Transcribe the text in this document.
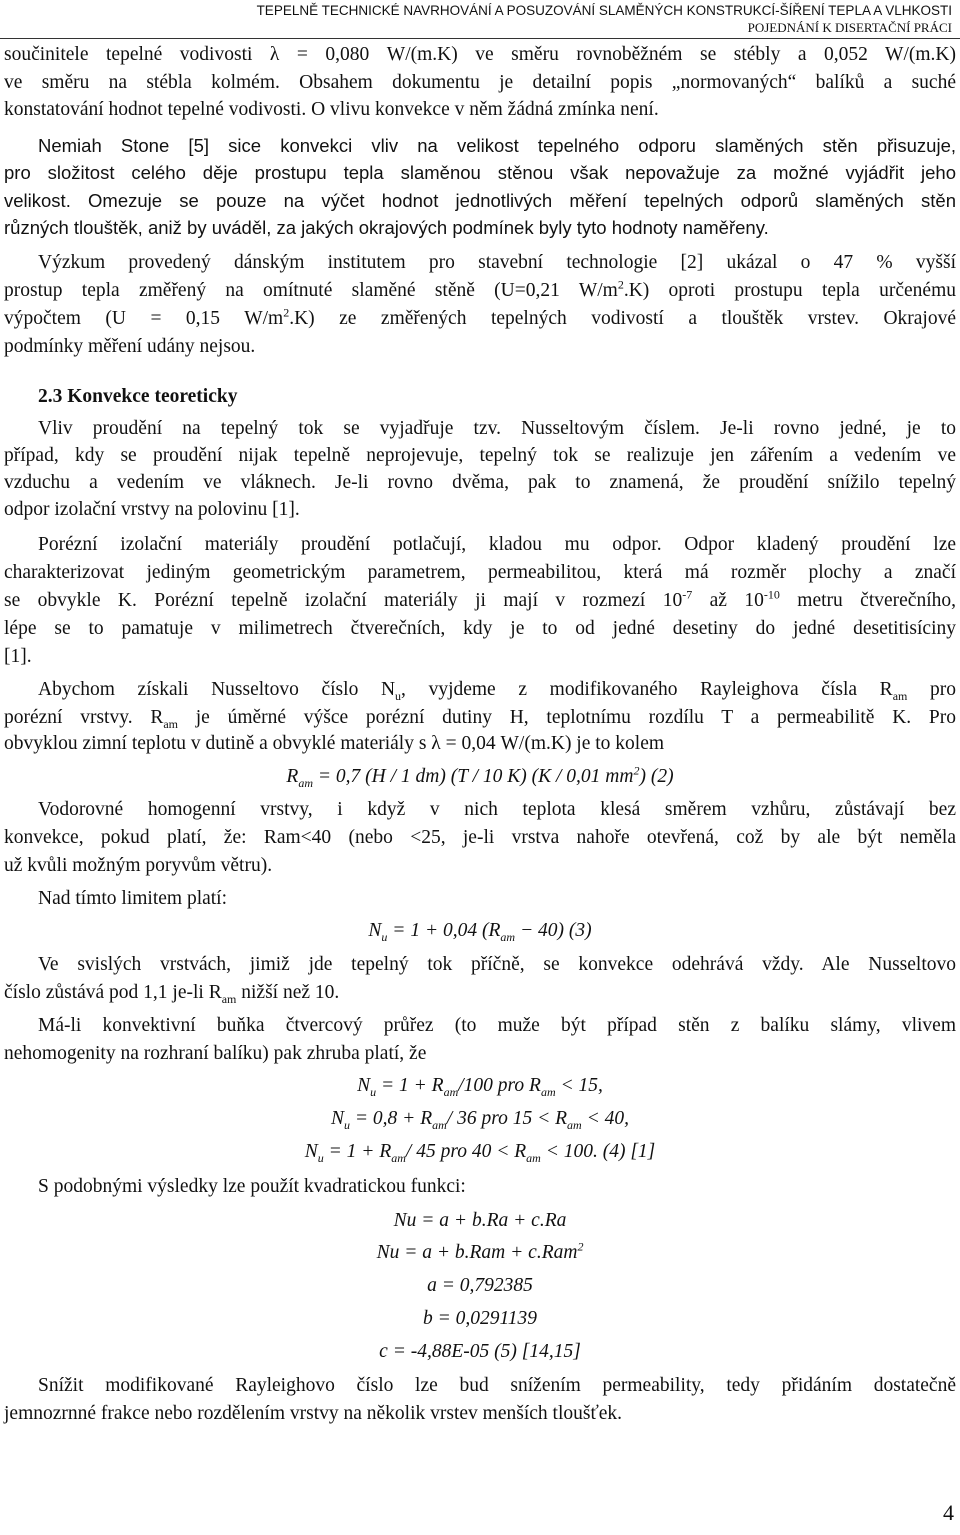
TEPELNĚ TECHNICKÉ NAVRHOVÁNÍ A POSUZOVÁNÍ SLAMĚNÝCH KONSTRUKCÍ-ŠÍŘENÍ TEPLA A VLHKOSTI
POJEDNÁNÍ K DISERTAČNÍ PRÁCI
součinitele tepelné vodivosti λ = 0,080 W/(m.K) ve směru rovnoběžném se stébly a 0,052 W/(m.K)
ve směru na stébla kolmém. Obsahem dokumentu je detailní popis „normovaných“ balíků a suché
konstatování hodnot tepelné vodivosti. O vlivu konvekce v něm žádná zmínka není.
Nemiah Stone [5] sice konvekci vliv na velikost tepelného odporu slaměných stěn přisuzuje,
pro složitost celého děje prostupu tepla slaměnou stěnou však nepovažuje za možné vyjádřit jeho
velikost. Omezuje se pouze na výčet hodnot jednotlivých měření tepelných odporů slaměných stěn
různých tlouštěk, aniž by uváděl, za jakých okrajových podmínek byly tyto hodnoty naměřeny.
Výzkum provedený dánským institutem pro stavební technologie [2] ukázal o 47 % vyšší
prostup tepla změřený na omítnuté slaměné stěně (U=0,21 $W/m^2.K$) oproti prostupu tepla určenému
výpočtem (U = 0,15 $W/m^2.K$) ze změřených tepelných vodivostí a tlouštěk vrstev. Okrajové
podmínky měření udány nejsou.
2.3 Konvekce teoreticky
Vliv proudění na tepelný tok se vyjadřuje tzv. Nusseltovým číslem. Je-li rovno jedné, je to
případ, kdy se proudění nijak tepelně neprojevuje, tepelný tok se realizuje jen zářením a vedením ve
vzduchu a vedením ve vláknech. Je-li rovno dvěma, pak to znamená, že proudění snížilo tepelný
odpor izolační vrstvy na polovinu [1].
Porézní izolační materiály proudění potlačují, kladou mu odpor. Odpor kladený proudění lze
charakterizovat jediným geometrickým parametrem, permeabilitou, která má rozměr plochy a značí
se obvykle K. Porézní tepelně izolační materiály ji mají v rozmezí $10^{-7}$ až $10^{-10}$ metru čtverečního,
lépe se to pamatuje v milimetrech čtverečních, kdy je to od jedné desetiny do jedné desetitisíciny
[1].
Abychom získali Nusseltovo číslo $N_u$, vyjdeme z modifikovaného Rayleighova čísla $R_{am}$ pro
porézní vrstvy. $R_{am}$ je úměrné výšce porézní dutiny H, teplotnímu rozdílu T a permeabilitě K. Pro
obvyklou zimní teplotu v dutině a obvyklé materiály s λ = 0,04 W/(m.K) je to kolem
$R_{am} = 0,7$ (H / 1 dm) (T / 10 K) (K / 0,01 $mm^2$) (2)
Vodorovné homogenní vrstvy, i když v nich teplota klesá směrem vzhůru, zůstávají bez
konvekce, pokud platí, že: Ram<40 (nebo <25, je-li vrstva nahoře otevřená, což by ale být neměla
už kvůli možným poryvům větru).
Nad tímto limitem platí:
$N_u = 1 + 0,04$ $(R_{am} - 40)$ (3)
Ve svislých vrstvách, jimiž jde tepelný tok příčně, se konvekce odehrává vždy. Ale Nusseltovo
číslo zůstává pod 1,1 je-li $R_{am}$ nižší než 10.
Má-li konvektivní buňka čtvercový průřez (to muže být případ stěn z balíku slámy, vlivem
nehomogenity na rozhraní balíku) pak zhruba platí, že
$N_u = 1 + R_{am}/100$ pro $R_{am} < 15$,
$N_u = 0,8 + R_{am}/$ 36 pro $15 < R_{am} < 40$,
$N_u = 1 + R_{am}/$ 45 pro $40 < R_{am} < 100$. (4) [1]
S podobnými výsledky lze použít kvadratickou funkci:
Nu = a + b.Ra + c.Ra
Nu = a + b.Ram + c.Ram$^2$
a = 0,792385
b = 0,0291139
c = -4,88E-05 (5) [14,15]
Snížit modifikované Rayleighovo číslo lze bud snížením permeability, tedy přidáním dostatečně
jemnozrnné frakce nebo rozdělením vrstvy na několik vrstev menších tloušťek.
4
